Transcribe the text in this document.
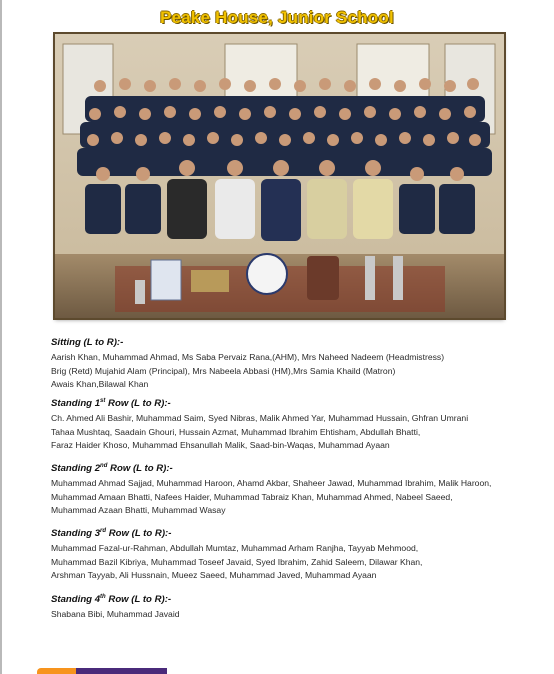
Peake House, Junior School
Sitting (L to R):-
Aarish Khan, Muhammad Ahmad, Ms Saba Pervaiz Rana,(AHM), Mrs Naheed Nadeem (Headmistress)
Brig (Retd) Mujahid Alam (Principal), Mrs Nabeela Abbasi (HM),Mrs Samia Khaild (Matron)
Awais Khan,Bilawal Khan
Standing 1st Row (L to R):-
Ch. Ahmed Ali Bashir, Muhammad Saim, Syed Nibras, Malik Ahmed Yar, Muhammad Hussain, Ghfran Umrani
Tahaa Mushtaq, Saadain Ghouri, Hussain Azmat, Muhammad Ibrahim Ehtisham, Abdullah Bhatti,
Faraz Haider Khoso, Muhammad Ehsanullah Malik, Saad-bin-Waqas, Muhammad Ayaan
Standing 2nd Row (L to R):-
Muhammad Ahmad Sajjad, Muhammad Haroon, Ahamd Akbar, Shaheer Jawad, Muhammad Ibrahim, Malik Haroon,
Muhammad Amaan Bhatti, Nafees Haider, Muhammad Tabraiz Khan, Muhammad Ahmed, Nabeel Saeed,
Muhammad Azaan Bhatti, Muhammad Wasay
Standing 3rd Row (L to R):-
Muhammad Fazal-ur-Rahman, Abdullah Mumtaz, Muhammad Arham Ranjha, Tayyab Mehmood,
Muhammad Bazil Kibriya, Muhammad Toseef Javaid, Syed Ibrahim, Zahid Saleem, Dilawar Khan,
Arshman Tayyab, Ali Hussnain, Mueez Saeed, Muhammad Javed, Muhammad Ayaan
Standing 4th Row (L to R):-
Shabana Bibi, Muhammad Javaid
